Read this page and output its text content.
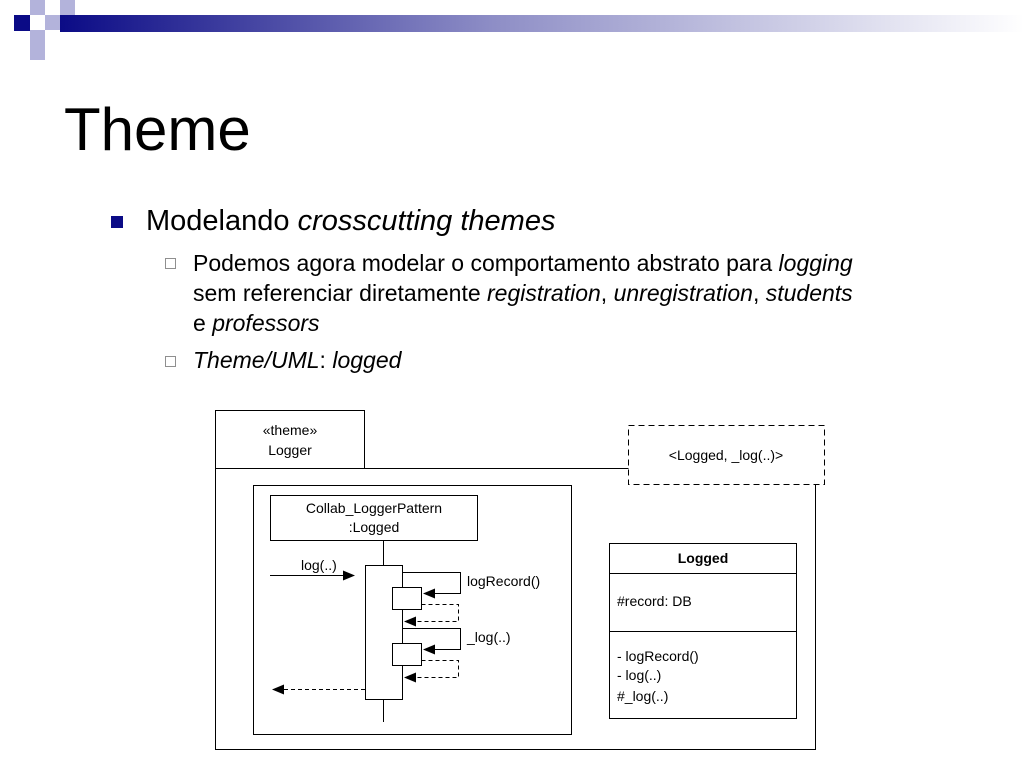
Theme
Modelando crosscutting themes
Podemos agora modelar o comportamento abstrato para logging
sem referenciar diretamente registration, unregistration, students
e professors
Theme/UML: logged
«theme»
Logger	<Logged, _log(..)>
Collab_LoggerPattern
:Logged
log(..)
logRecord()
_log(..)
Logged
#record: DB
- logRecord()
- log(..)
#_log(..)
